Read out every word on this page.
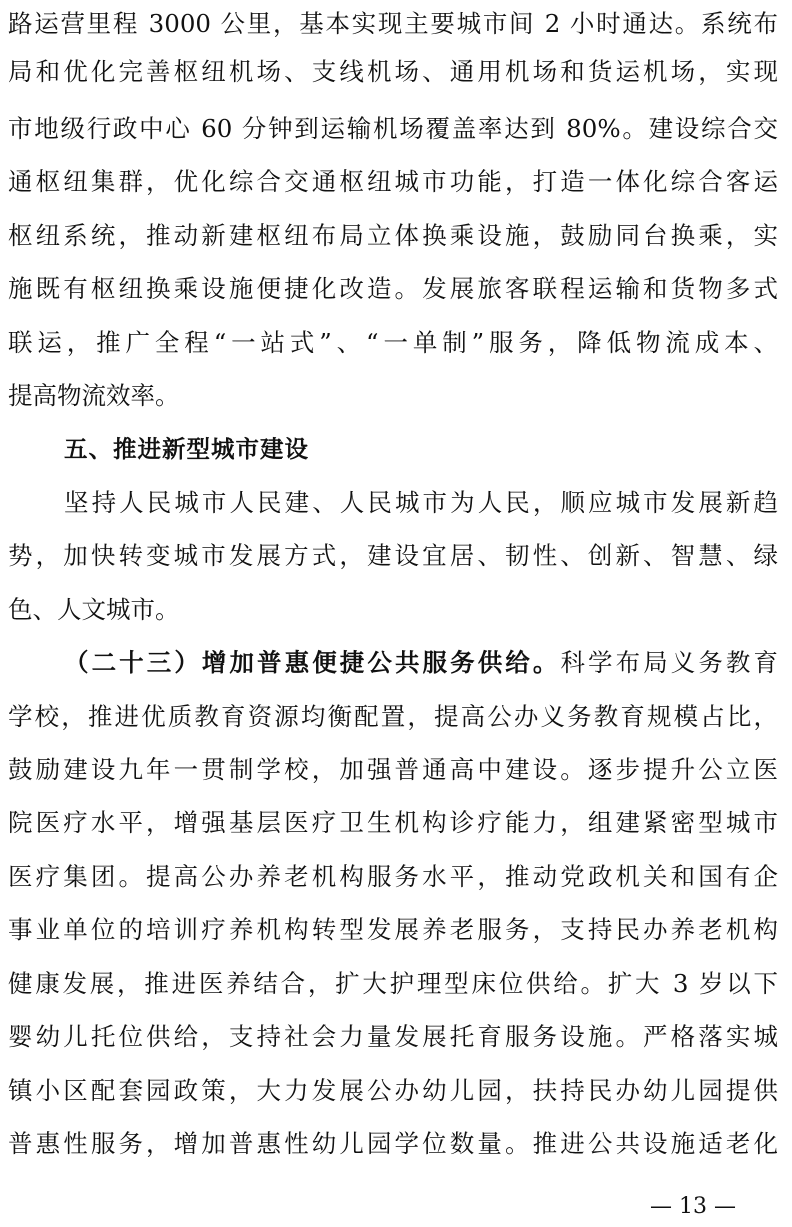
路运营里程 3000 公里，基本实现主要城市间 2 小时通达。系统布
局和优化完善枢纽机场、支线机场、通用机场和货运机场，实现
市地级行政中心 60 分钟到运输机场覆盖率达到 80%。建设综合交
通枢纽集群，优化综合交通枢纽城市功能，打造一体化综合客运
枢纽系统，推动新建枢纽布局立体换乘设施，鼓励同台换乘，实
施既有枢纽换乘设施便捷化改造。发展旅客联程运输和货物多式
联运，推广全程“一站式”、“一单制”服务，降低物流成本、
提高物流效率。
五、推进新型城市建设
坚持人民城市人民建、人民城市为人民，顺应城市发展新趋
势，加快转变城市发展方式，建设宜居、韧性、创新、智慧、绿
色、人文城市。
（二十三）增加普惠便捷公共服务供给。科学布局义务教育
学校，推进优质教育资源均衡配置，提高公办义务教育规模占比，
鼓励建设九年一贯制学校，加强普通高中建设。逐步提升公立医
院医疗水平，增强基层医疗卫生机构诊疗能力，组建紧密型城市
医疗集团。提高公办养老机构服务水平，推动党政机关和国有企
事业单位的培训疗养机构转型发展养老服务，支持民办养老机构
健康发展，推进医养结合，扩大护理型床位供给。扩大 3 岁以下
婴幼儿托位供给，支持社会力量发展托育服务设施。严格落实城
镇小区配套园政策，大力发展公办幼儿园，扶持民办幼儿园提供
普惠性服务，增加普惠性幼儿园学位数量。推进公共设施适老化
— 13 —
